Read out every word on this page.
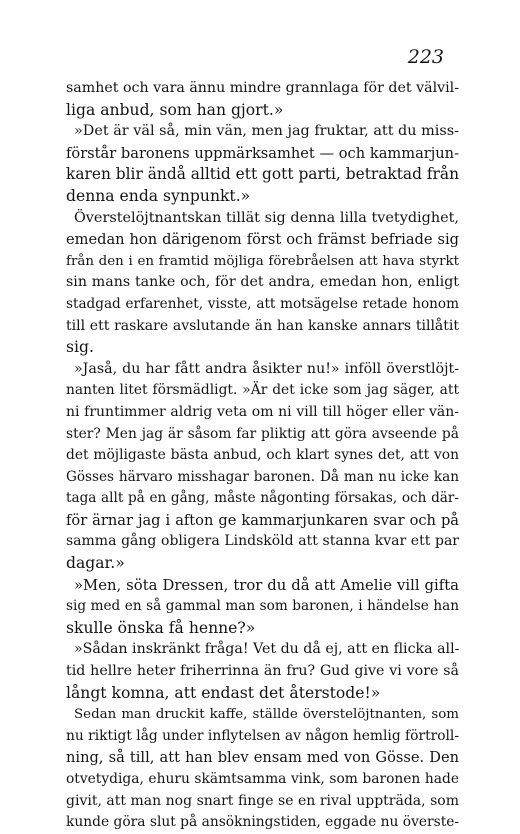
223
samhet och vara ännu mindre grannlaga för det välvil-
liga anbud, som han gjort.»
»Det är väl så, min vän, men jag fruktar, att du miss-
förstår baronens uppmärksamhet — och kammarjun-
karen blir ändå alltid ett gott parti, betraktad från
denna enda synpunkt.»
Överstelöjtnantskan tillät sig denna lilla tvetydighet,
emedan hon därigenom först och främst befriade sig
från den i en framtid möjliga förebråelsen att hava styrkt
sin mans tanke och, för det andra, emedan hon, enligt
stadgad erfarenhet, visste, att motsägelse retade honom
till ett raskare avslutande än han kanske annars tillåtit
sig.
»Jaså, du har fått andra åsikter nu!» inföll överstlöjt-
nanten litet försmädligt. »Är det icke som jag säger, att
ni fruntimmer aldrig veta om ni vill till höger eller vän-
ster? Men jag är såsom far pliktig att göra avseende på
det möjligaste bästa anbud, och klart synes det, att von
Gösses härvaro misshagar baronen. Då man nu icke kan
taga allt på en gång, måste någonting försakas, och där-
för ärnar jag i afton ge kammarjunkaren svar och på
samma gång obligera Lindsköld att stanna kvar ett par
dagar.»
»Men, söta Dressen, tror du då att Amelie vill gifta
sig med en så gammal man som baronen, i händelse han
skulle önska få henne?»
»Sådan inskränkt fråga! Vet du då ej, att en flicka all-
tid hellre heter friherrinna än fru? Gud give vi vore så
långt komna, att endast det återstode!»
Sedan man druckit kaffe, ställde överstelöjtnanten, som
nu riktigt låg under inflytelsen av någon hemlig förtroll-
ning, så till, att han blev ensam med von Gösse. Den
otvetydiga, ehuru skämtsamma vink, som baronen hade
givit, att man nog snart finge se en rival uppträda, som
kunde göra slut på ansökningstiden, eggade nu överste-
